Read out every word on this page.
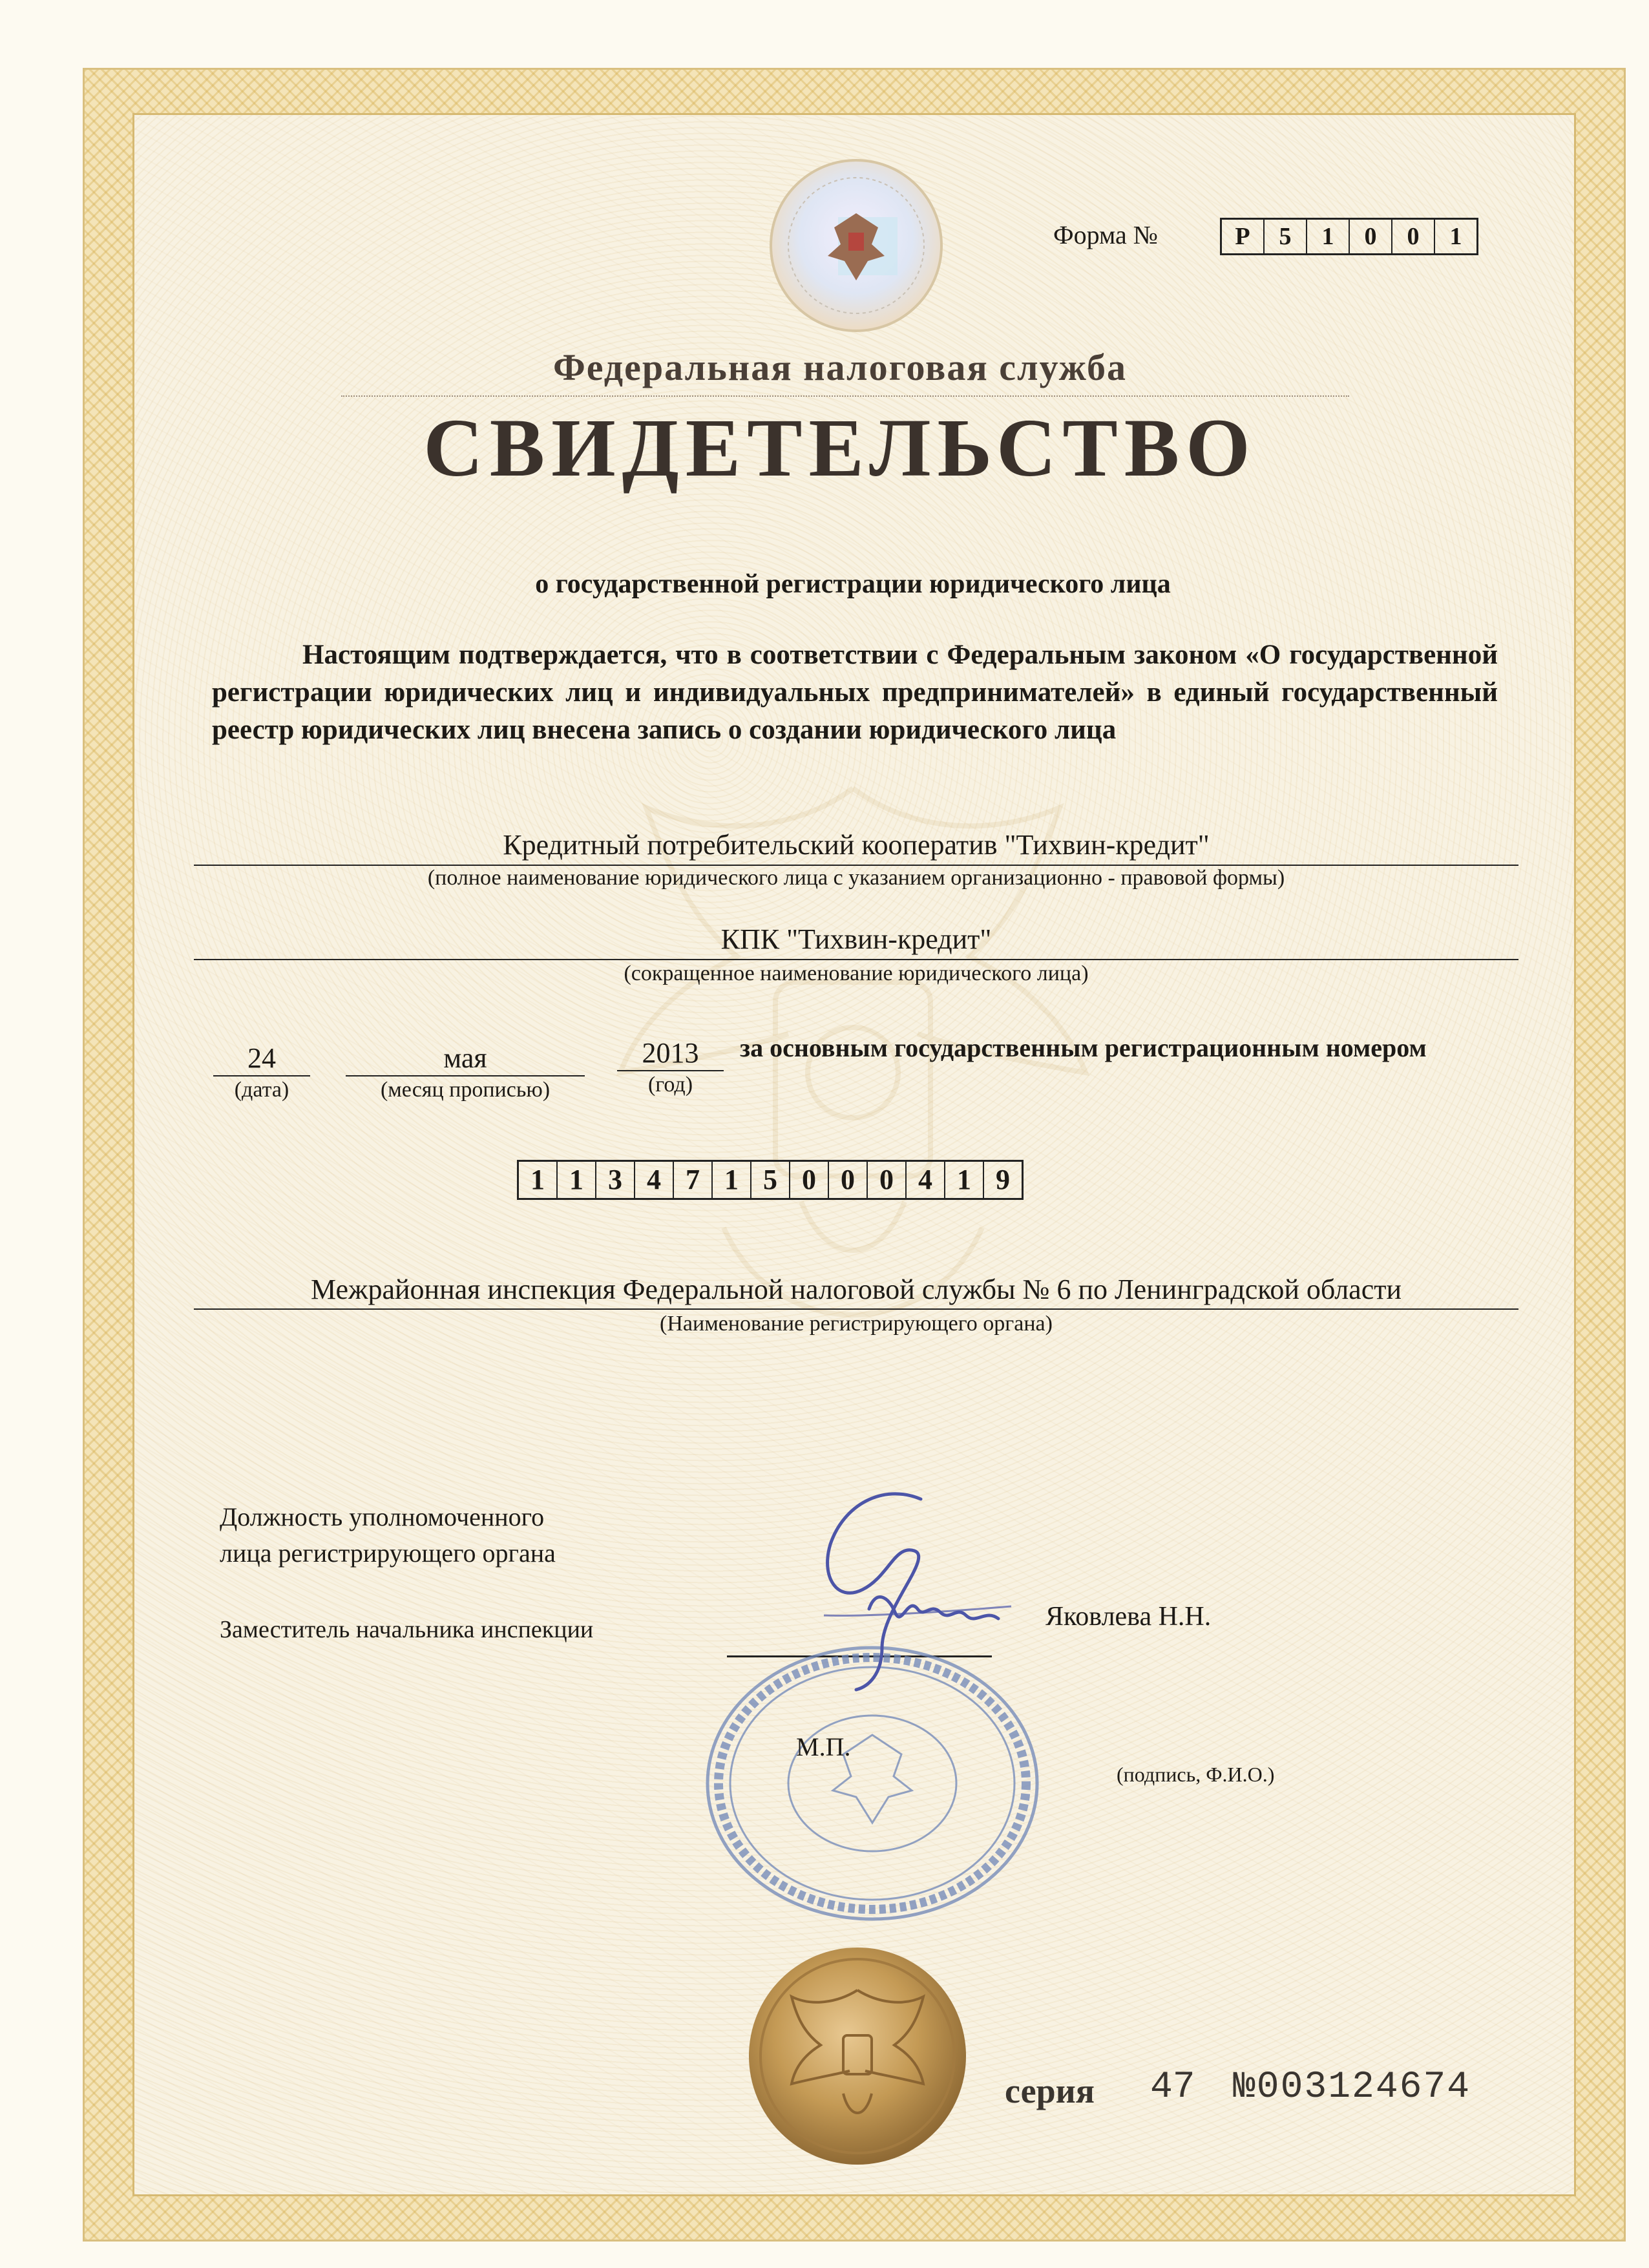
Форма №	Р	5	1	0	0	1
Федеральная налоговая служба
СВИДЕТЕЛЬСТВО
о государственной регистрации юридического лица
Настоящим подтверждается, что в соответствии с Федеральным законом «О государственной регистрации юридических лиц и индивидуальных предпринимателей» в единый государственный реестр юридических лиц внесена запись о создании юридического лица
Кредитный потребительский кооператив "Тихвин-кредит"
(полное наименование юридического лица с указанием организационно - правовой формы)
КПК "Тихвин-кредит"
(сокращенное наименование юридического лица)
24
(дата)
мая
(месяц прописью)
2013
(год)
за основным государственным регистрационным номером
1 1 3 4 7 1 5 0 0 0 4 1 9
Межрайонная инспекция Федеральной налоговой службы № 6 по Ленинградской области
(Наименование регистрирующего органа)
Должность уполномоченного
лица регистрирующего органа
Заместитель начальника инспекции	Яковлева Н.Н.
М.П.
(подпись, Ф.И.О.)
серия 47 №003124674
